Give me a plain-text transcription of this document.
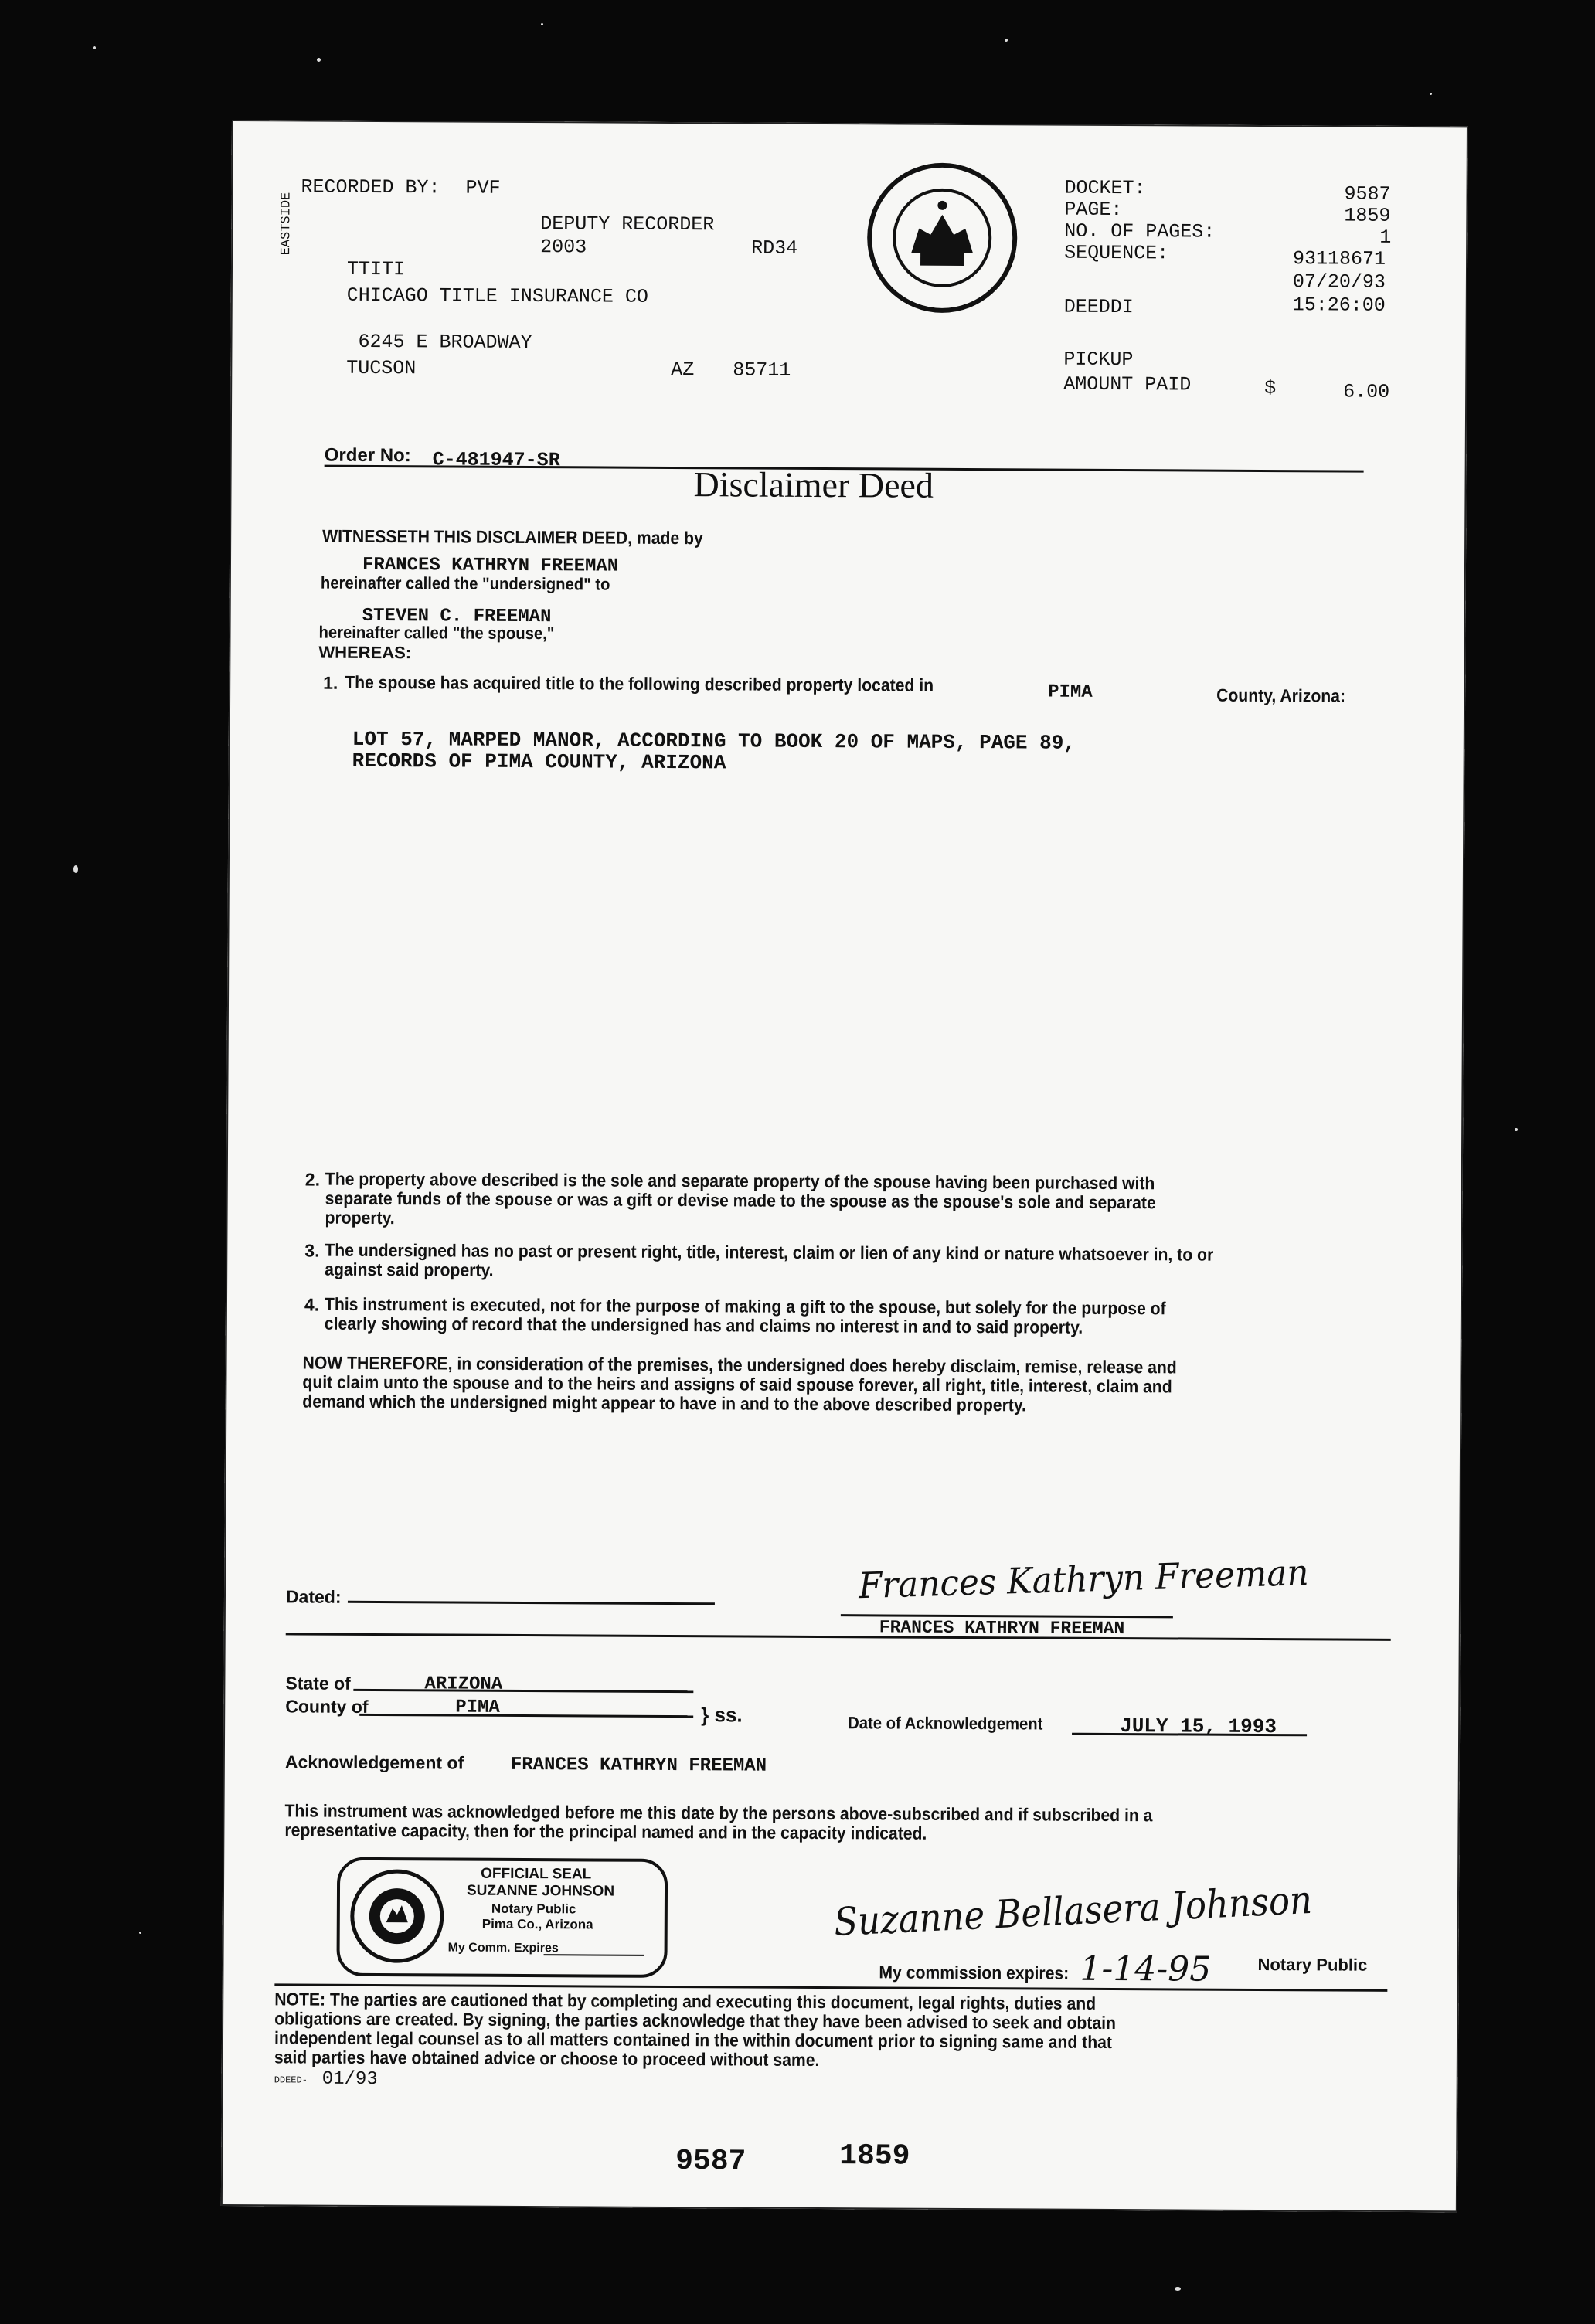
EASTSIDE
RECORDED BY: PVF
DEPUTY RECORDER
2003	RD34
TTITI
CHICAGO TITLE INSURANCE CO
6245 E BROADWAY
TUCSON	AZ 85711
DOCKET:	9587
PAGE:	1859
NO. OF PAGES:	1
SEQUENCE:	93118671
07/20/93
DEEDDI	15:26:00
PICKUP
AMOUNT PAID	$	6.00
Order No: C-481947-SR
Disclaimer Deed
WITNESSETH THIS DISCLAIMER DEED, made by
FRANCES KATHRYN FREEMAN
hereinafter called the "undersigned" to
STEVEN C. FREEMAN
hereinafter called "the spouse,"
WHEREAS:
1. The spouse has acquired title to the following described property located in	PIMA	County, Arizona:
LOT 57, MARPED MANOR, ACCORDING TO BOOK 20 OF MAPS, PAGE 89,
RECORDS OF PIMA COUNTY, ARIZONA
2. The property above described is the sole and separate property of the spouse having been purchased with
separate funds of the spouse or was a gift or devise made to the spouse as the spouse's sole and separate
property.
3. The undersigned has no past or present right, title, interest, claim or lien of any kind or nature whatsoever in, to or
against said property.
4. This instrument is executed, not for the purpose of making a gift to the spouse, but solely for the purpose of
clearly showing of record that the undersigned has and claims no interest in and to said property.
NOW THEREFORE, in consideration of the premises, the undersigned does hereby disclaim, remise, release and
quit claim unto the spouse and to the heirs and assigns of said spouse forever, all right, title, interest, claim and
demand which the undersigned might appear to have in and to the above described property.
Dated:	Frances Kathryn Freeman
FRANCES KATHRYN FREEMAN
State of	ARIZONA
County of	PIMA	} ss.	Date of Acknowledgement	JULY 15, 1993
Acknowledgement of	FRANCES KATHRYN FREEMAN
This instrument was acknowledged before me this date by the persons above-subscribed and if subscribed in a
representative capacity, then for the principal named and in the capacity indicated.
OFFICIAL SEAL
SUZANNE JOHNSON
Notary Public
Pima Co., Arizona
My Comm. Expires
Suzanne Bellasera Johnson
My commission expires: 1-14-95	Notary Public
NOTE: The parties are cautioned that by completing and executing this document, legal rights, duties and
obligations are created. By signing, the parties acknowledge that they have been advised to seek and obtain
independent legal counsel as to all matters contained in the within document prior to signing same and that
said parties have obtained advice or choose to proceed without same.
DDEED- 01/93
9587	1859
